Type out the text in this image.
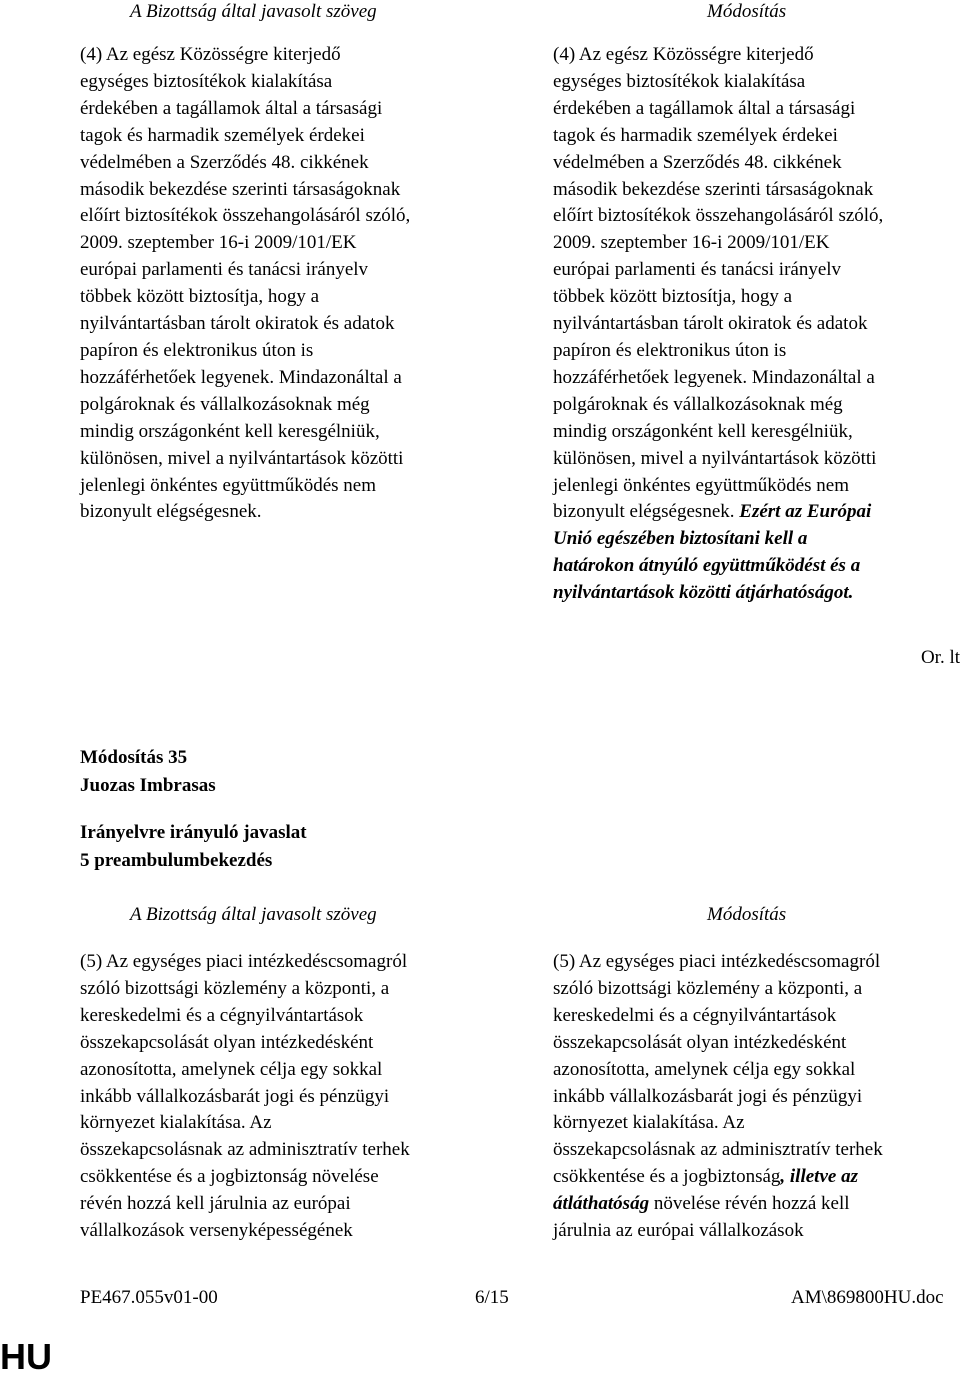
A Bizottság által javasolt szöveg	Módosítás
(4) Az egész Közösségre kiterjedő
egységes biztosítékok kialakítása
érdekében a tagállamok által a társasági
tagok és harmadik személyek érdekei
védelmében a Szerződés 48. cikkének
második bekezdése szerinti társaságoknak
előírt biztosítékok összehangolásáról szóló,
2009. szeptember 16-i 2009/101/EK
európai parlamenti és tanácsi irányelv
többek között biztosítja, hogy a
nyilvántartásban tárolt okiratok és adatok
papíron és elektronikus úton is
hozzáférhetőek legyenek. Mindazonáltal a
polgároknak és vállalkozásoknak még
mindig országonként kell keresgélniük,
különösen, mivel a nyilvántartások közötti
jelenlegi önkéntes együttműködés nem
bizonyult elégségesnek.
(4) Az egész Közösségre kiterjedő
egységes biztosítékok kialakítása
érdekében a tagállamok által a társasági
tagok és harmadik személyek érdekei
védelmében a Szerződés 48. cikkének
második bekezdése szerinti társaságoknak
előírt biztosítékok összehangolásáról szóló,
2009. szeptember 16-i 2009/101/EK
európai parlamenti és tanácsi irányelv
többek között biztosítja, hogy a
nyilvántartásban tárolt okiratok és adatok
papíron és elektronikus úton is
hozzáférhetőek legyenek. Mindazonáltal a
polgároknak és vállalkozásoknak még
mindig országonként kell keresgélniük,
különösen, mivel a nyilvántartások közötti
jelenlegi önkéntes együttműködés nem
bizonyult elégségesnek. Ezért az Európai
Unió egészében biztosítani kell a
határokon átnyúló együttműködést és a
nyilvántartások közötti átjárhatóságot.
Or. lt
Módosítás 35
Juozas Imbrasas
Irányelvre irányuló javaslat
5 preambulumbekezdés
A Bizottság által javasolt szöveg	Módosítás
(5) Az egységes piaci intézkedéscsomagról
szóló bizottsági közlemény a központi, a
kereskedelmi és a cégnyilvántartások
összekapcsolását olyan intézkedésként
azonosította, amelynek célja egy sokkal
inkább vállalkozásbarát jogi és pénzügyi
környezet kialakítása. Az
összekapcsolásnak az adminisztratív terhek
csökkentése és a jogbiztonság növelése
révén hozzá kell járulnia az európai
vállalkozások versenyképességének
(5) Az egységes piaci intézkedéscsomagról
szóló bizottsági közlemény a központi, a
kereskedelmi és a cégnyilvántartások
összekapcsolását olyan intézkedésként
azonosította, amelynek célja egy sokkal
inkább vállalkozásbarát jogi és pénzügyi
környezet kialakítása. Az
összekapcsolásnak az adminisztratív terhek
csökkentése és a jogbiztonság, illetve az
átláthatóság növelése révén hozzá kell
járulnia az európai vállalkozások
PE467.055v01-00	6/15	AM\869800HU.doc
HU
